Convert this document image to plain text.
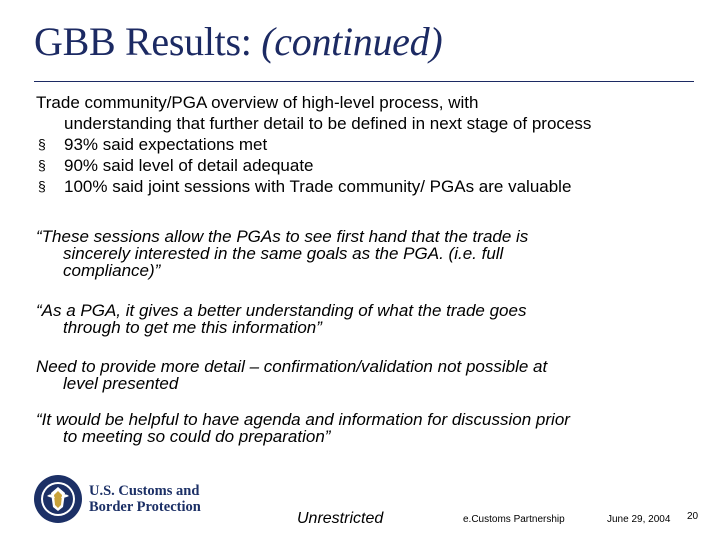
GBB Results: (continued)
Trade community/PGA overview of high-level process, with
understanding that further detail to be defined in next stage of process
§ 93% said expectations met
§ 90% said level of detail adequate
§ 100% said joint sessions with Trade community/ PGAs are valuable
“These sessions allow the PGAs to see first hand that the trade is
sincerely interested in the same goals as the PGA. (i.e. full
compliance)”
“As a PGA, it gives a better understanding of what the trade goes
through to get me this information”
Need to provide more detail – confirmation/validation not possible at
level presented
“It would be helpful to have agenda and information for discussion prior
to meeting so could do preparation”
U.S. Customs and
Border Protection
Unrestricted	e.Customs Partnership	June 29, 2004 20
